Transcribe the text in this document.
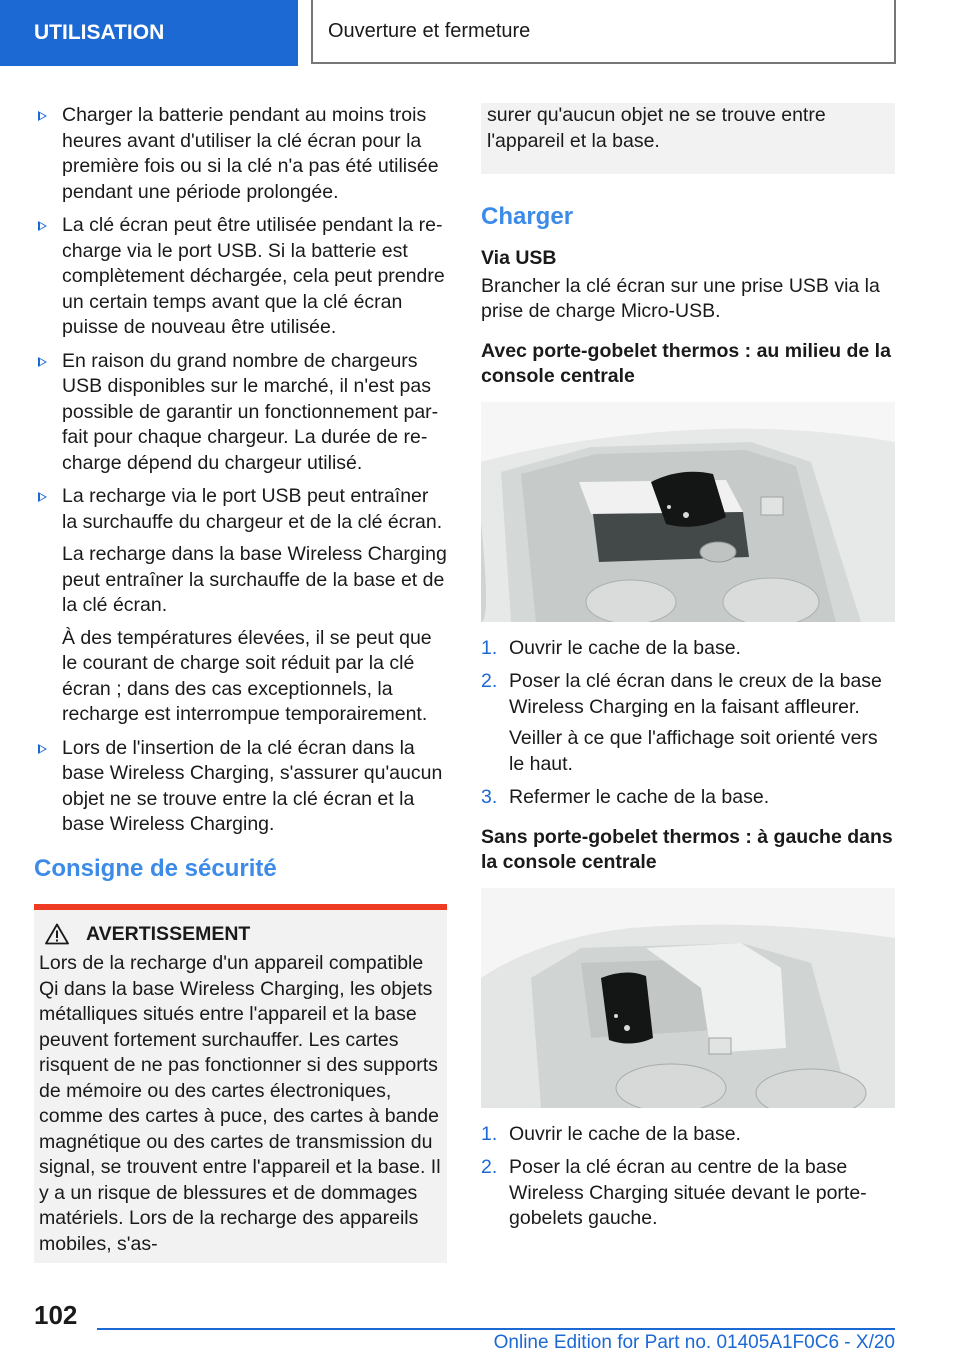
UTILISATION	Ouverture et fermeture

Charger la batterie pendant au moins trois heures avant d'utiliser la clé écran pour la première fois ou si la clé n'a pas été utilisée pendant une période prolongée.

La clé écran peut être utilisée pendant la recharge via le port USB. Si la batterie est complètement déchargée, cela peut prendre un certain temps avant que la clé écran puisse de nouveau être utilisée.

En raison du grand nombre de chargeurs USB disponibles sur le marché, il n'est pas possible de garantir un fonctionnement parfait pour chaque chargeur. La durée de recharge dépend du chargeur utilisé.

La recharge via le port USB peut entraîner la surchauffe du chargeur et de la clé écran.

La recharge dans la base Wireless Charging peut entraîner la surchauffe de la base et de la clé écran.

À des températures élevées, il se peut que le courant de charge soit réduit par la clé écran ; dans des cas exceptionnels, la recharge est interrompue temporairement.

Lors de l'insertion de la clé écran dans la base Wireless Charging, s'assurer qu'aucun objet ne se trouve entre la clé écran et la base Wireless Charging.

Consigne de sécurité
AVERTISSEMENT
Lors de la recharge d'un appareil compatible Qi dans la base Wireless Charging, les objets métalliques situés entre l'appareil et la base peuvent fortement surchauffer. Les cartes risquent de ne pas fonctionner si des supports de mémoire ou des cartes électroniques, comme des cartes à puce, des cartes à bande magnétique ou des cartes de transmission du signal, se trouvent entre l'appareil et la base. Il y a un risque de blessures et de dommages matériels. Lors de la recharge des appareils mobiles, s'as-
surer qu'aucun objet ne se trouve entre l'appareil et la base.
Charger
Via USB
Brancher la clé écran sur une prise USB via la prise de charge Micro-USB.
Avec porte-gobelet thermos : au milieu de la console centrale
1. Ouvrir le cache de la base.
2. Poser la clé écran dans le creux de la base Wireless Charging en la faisant affleurer.
Veiller à ce que l'affichage soit orienté vers le haut.
3. Refermer le cache de la base.
Sans porte-gobelet thermos : à gauche dans la console centrale
1. Ouvrir le cache de la base.
2. Poser la clé écran au centre de la base Wireless Charging située devant le porte-gobelets gauche.
102
Online Edition for Part no. 01405A1F0C6 - X/20
